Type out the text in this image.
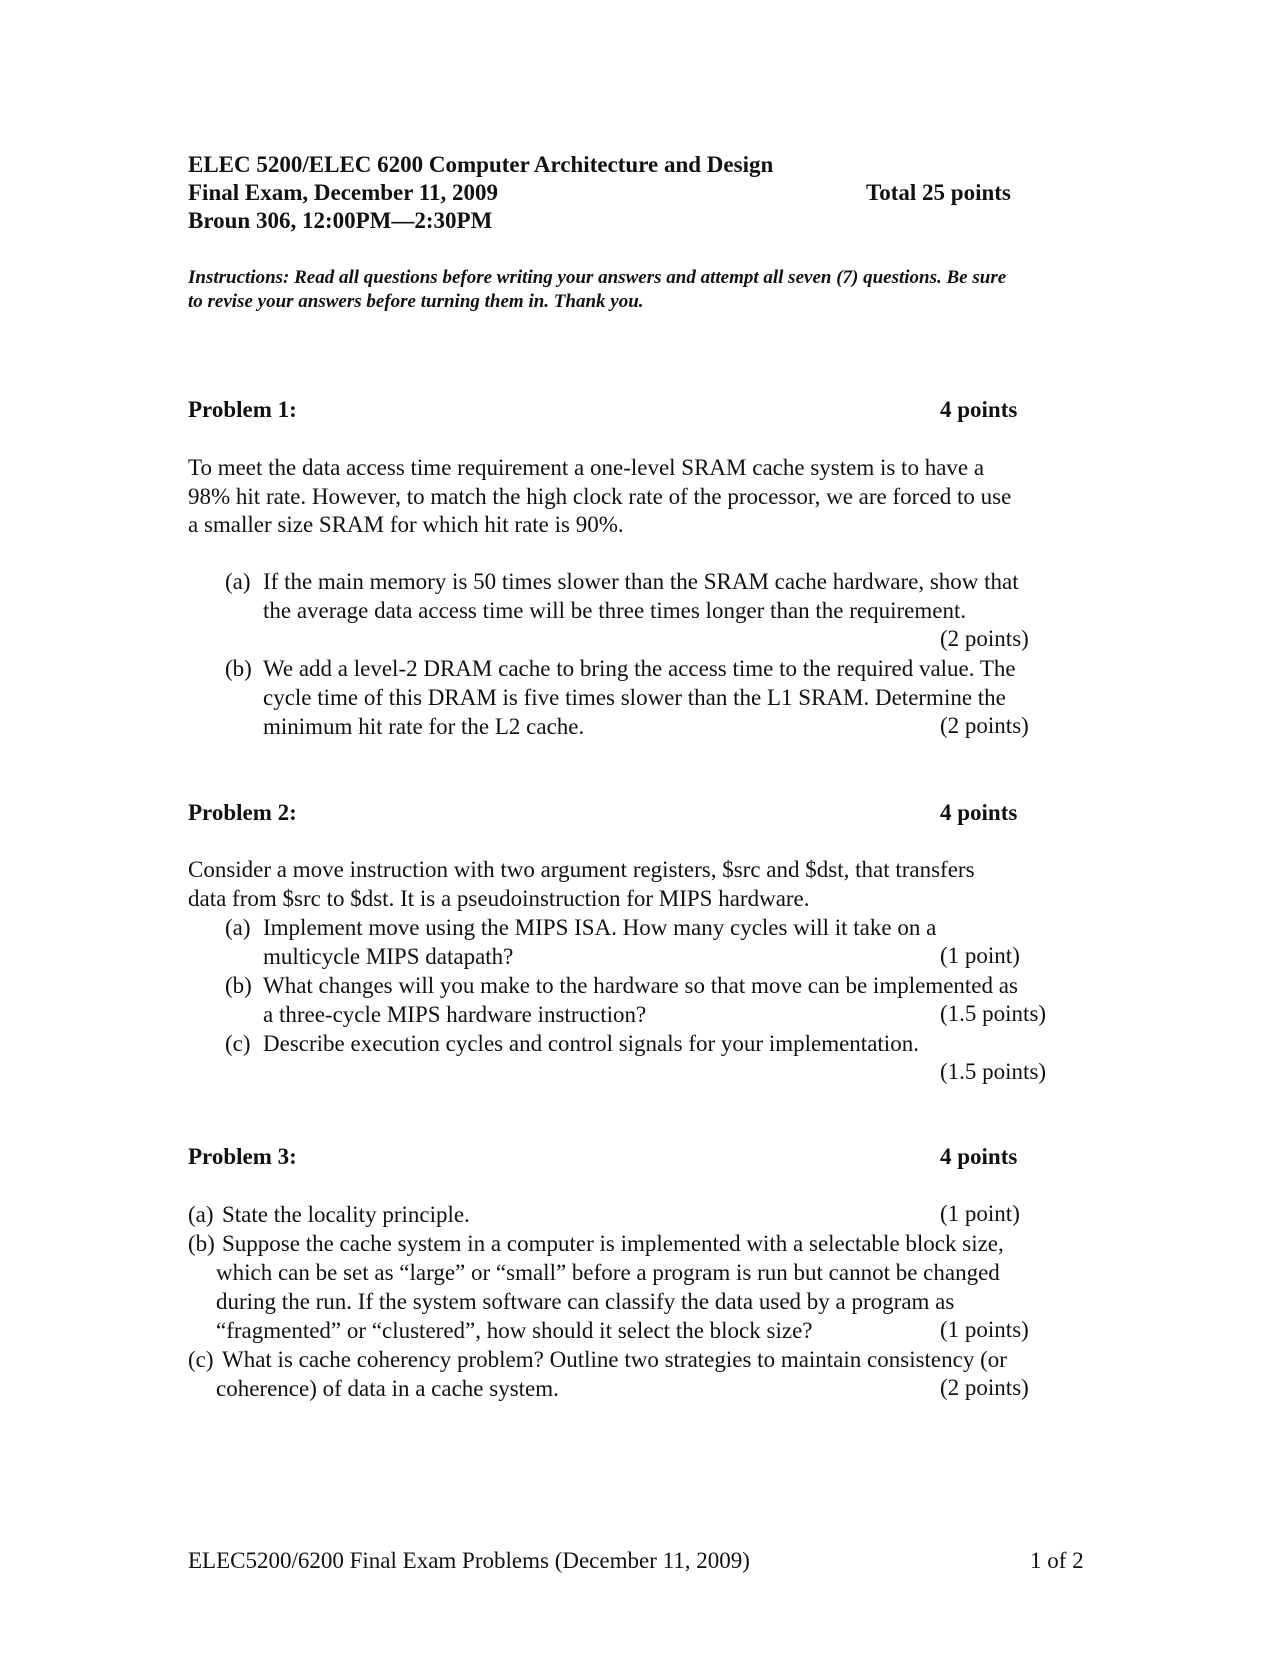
ELEC 5200/ELEC 6200 Computer Architecture and Design
Final Exam, December 11, 2009	Total 25 points
Broun 306, 12:00PM—2:30PM
Instructions: Read all questions before writing your answers and attempt all seven (7) questions. Be sure
to revise your answers before turning them in. Thank you.
Problem 1:	4 points
To meet the data access time requirement a one-level SRAM cache system is to have a
98% hit rate. However, to match the high clock rate of the processor, we are forced to use
a smaller size SRAM for which hit rate is 90%.
(a) If the main memory is 50 times slower than the SRAM cache hardware, show that
the average data access time will be three times longer than the requirement.
(2 points)
(b) We add a level-2 DRAM cache to bring the access time to the required value. The
cycle time of this DRAM is five times slower than the L1 SRAM. Determine the
minimum hit rate for the L2 cache.	(2 points)
Problem 2:	4 points
Consider a move instruction with two argument registers, $src and $dst, that transfers
data from $src to $dst. It is a pseudoinstruction for MIPS hardware.
(a) Implement move using the MIPS ISA. How many cycles will it take on a
multicycle MIPS datapath?	(1 point)
(b) What changes will you make to the hardware so that move can be implemented as
a three-cycle MIPS hardware instruction?	(1.5 points)
(c) Describe execution cycles and control signals for your implementation.
(1.5 points)
Problem 3:	4 points
(a) State the locality principle.	(1 point)
(b) Suppose the cache system in a computer is implemented with a selectable block size,
which can be set as “large” or “small” before a program is run but cannot be changed
during the run. If the system software can classify the data used by a program as
“fragmented” or “clustered”, how should it select the block size?	(1 points)
(c) What is cache coherency problem? Outline two strategies to maintain consistency (or
coherence) of data in a cache system.	(2 points)
ELEC5200/6200 Final Exam Problems (December 11, 2009)	1 of 2
